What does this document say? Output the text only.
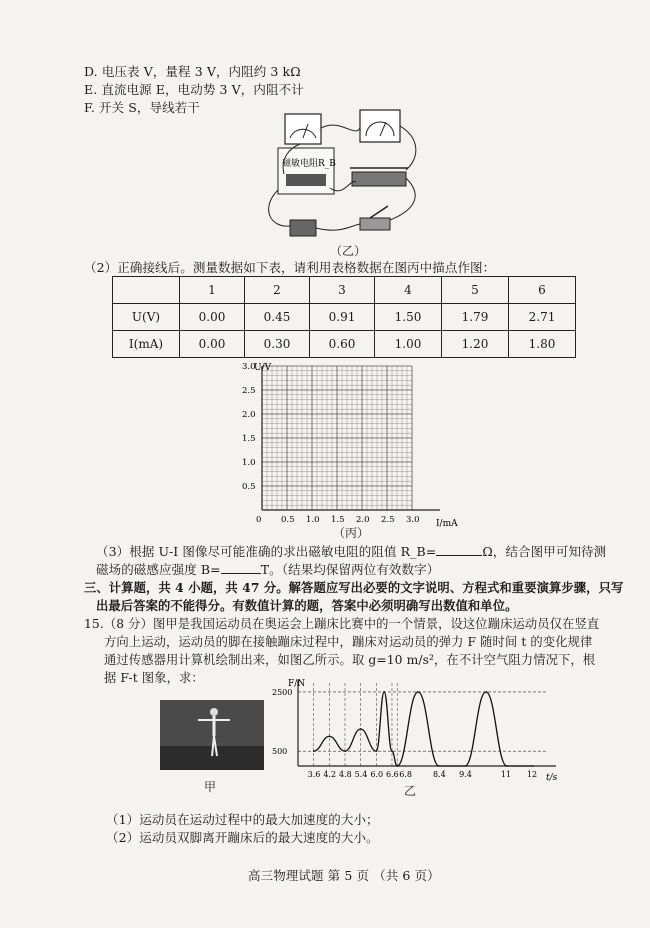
D. 电压表 V，量程 3 V，内阻约 3 kΩ
E. 直流电源 E，电动势 3 V，内阻不计
F. 开关 S，导线若干
磁敏电阻R_B
（乙）
（2）正确接线后。测量数据如下表，请利用表格数据在图丙中描点作图：
	1	2	3	4	5	6
U(V)	0.00	0.45	0.91	1.50	1.79	2.71
I(mA)	0.00	0.30	0.60	1.00	1.20	1.80
U/V
I/mA
0 0.5 1.0 1.5 2.0 2.5 3.0
0.5
1.0
1.5
2.0
2.5
3.0
（丙）
（3）根据 U-I 图像尽可能准确的求出磁敏电阻的阻值 R_B=	Ω，结合图甲可知待测
磁场的磁感应强度 B=	T。（结果均保留两位有效数字）
三、计算题，共 4 小题，共 47 分。解答题应写出必要的文字说明、方程式和重要演算步骤，只写
出最后答案的不能得分。有数值计算的题，答案中必须明确写出数值和单位。
15.（8 分）图甲是我国运动员在奥运会上蹦床比赛中的一个情景，设这位蹦床运动员仅在竖直
方向上运动，运动员的脚在接触蹦床过程中，蹦床对运动员的弹力 F 随时间 t 的变化规律
通过传感器用计算机绘制出来，如图乙所示。取 g=10 m/s²，在不计空气阻力情况下，根
据 F-t 图象，求：
甲
F/N
t/s
3.6 4.2 4.8 5.4 6.0 6.6 6.8	8.4 9.4	11 12
2500
500
乙
（1）运动员在运动过程中的最大加速度的大小；
（2）运动员双脚离开蹦床后的最大速度的大小。
高三物理试题 第 5 页 （共 6 页）
